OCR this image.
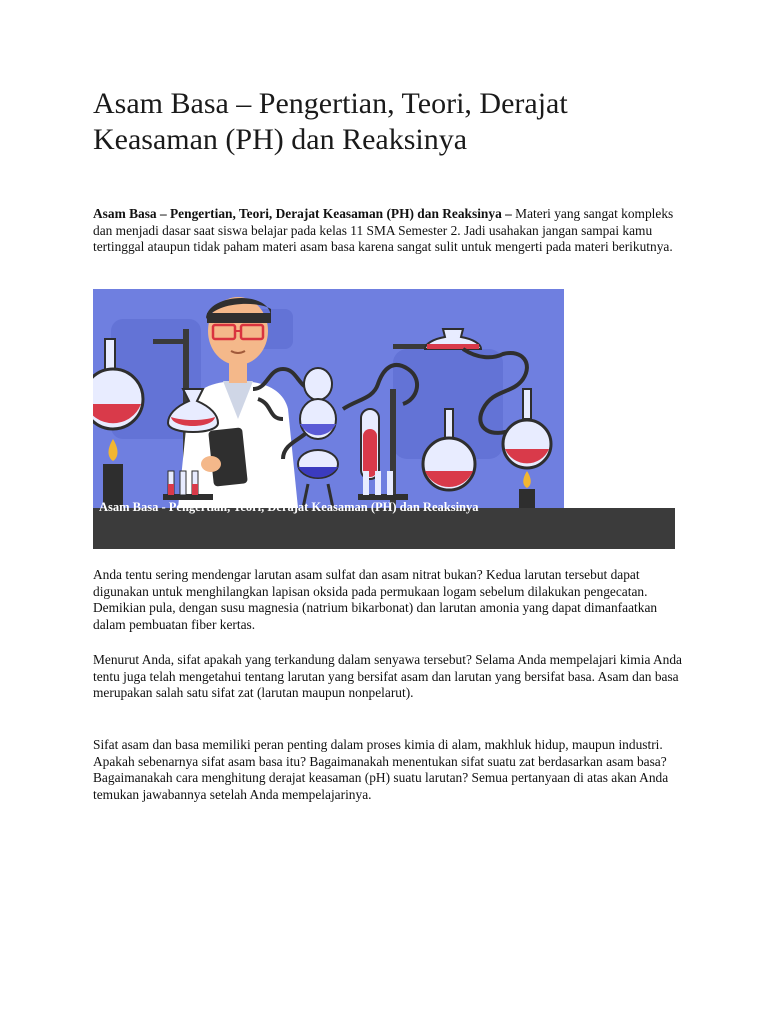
Asam Basa – Pengertian, Teori, Derajat Keasaman (PH) dan Reaksinya

Asam Basa – Pengertian, Teori, Derajat Keasaman (PH) dan Reaksinya – Materi yang sangat kompleks dan menjadi dasar saat siswa belajar pada kelas 11 SMA Semester 2. Jadi usahakan jangan sampai kamu tertinggal ataupun tidak paham materi asam basa karena sangat sulit untuk mengerti pada materi berikutnya.

Asam Basa - Pengertian, Teori, Derajat Keasaman (PH) dan Reaksinya

Anda tentu sering mendengar larutan asam sulfat dan asam nitrat bukan? Kedua larutan tersebut dapat digunakan untuk menghilangkan lapisan oksida pada permukaan logam sebelum dilakukan pengecatan. Demikian pula, dengan susu magnesia (natrium bikarbonat) dan larutan amonia yang dapat dimanfaatkan dalam pembuatan fiber kertas.

Menurut Anda, sifat apakah yang terkandung dalam senyawa tersebut? Selama Anda mempelajari kimia Anda tentu juga telah mengetahui tentang larutan yang bersifat asam dan larutan yang bersifat basa. Asam dan basa merupakan salah satu sifat zat (larutan maupun nonpelarut).

Sifat asam dan basa memiliki peran penting dalam proses kimia di alam, makhluk hidup, maupun industri. Apakah sebenarnya sifat asam basa itu? Bagaimanakah menentukan sifat suatu zat berdasarkan asam basa? Bagaimanakah cara menghitung derajat keasaman (pH) suatu larutan? Semua pertanyaan di atas akan Anda temukan jawabannya setelah Anda mempelajarinya.
